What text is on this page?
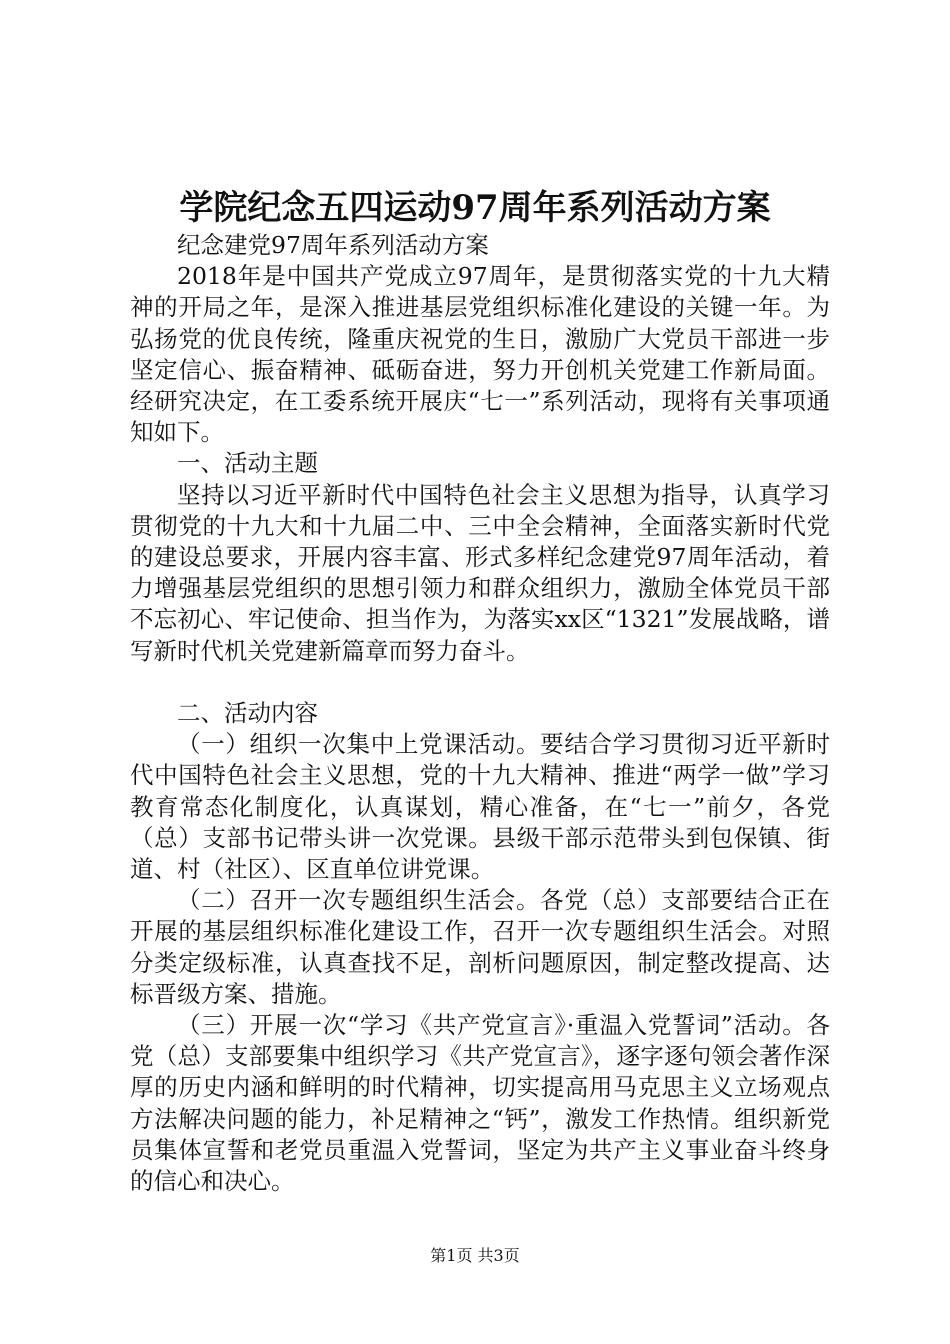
学院纪念五四运动97周年系列活动方案

纪念建党97周年系列活动方案

2018年是中国共产党成立97周年，是贯彻落实党的十九大精神的开局之年，是深入推进基层党组织标准化建设的关键一年。为弘扬党的优良传统，隆重庆祝党的生日，激励广大党员干部进一步坚定信心、振奋精神、砥砺奋进，努力开创机关党建工作新局面。经研究决定，在工委系统开展庆“七一”系列活动，现将有关事项通知如下。

一、活动主题

坚持以习近平新时代中国特色社会主义思想为指导，认真学习贯彻党的十九大和十九届二中、三中全会精神，全面落实新时代党的建设总要求，开展内容丰富、形式多样纪念建党97周年活动，着力增强基层党组织的思想引领力和群众组织力，激励全体党员干部不忘初心、牢记使命、担当作为，为落实xx区“1321”发展战略，谱写新时代机关党建新篇章而努力奋斗。

二、活动内容

（一）组织一次集中上党课活动。要结合学习贯彻习近平新时代中国特色社会主义思想，党的十九大精神、推进“两学一做”学习教育常态化制度化，认真谋划，精心准备，在“七一”前夕，各党（总）支部书记带头讲一次党课。县级干部示范带头到包保镇、街道、村（社区）、区直单位讲党课。

（二）召开一次专题组织生活会。各党（总）支部要结合正在开展的基层组织标准化建设工作，召开一次专题组织生活会。对照分类定级标准，认真查找不足，剖析问题原因，制定整改提高、达标晋级方案、措施。

（三）开展一次“学习《共产党宣言》·重温入党誓词”活动。各党（总）支部要集中组织学习《共产党宣言》，逐字逐句领会著作深厚的历史内涵和鲜明的时代精神，切实提高用马克思主义立场观点方法解决问题的能力，补足精神之“钙”，激发工作热情。组织新党员集体宣誓和老党员重温入党誓词，坚定为共产主义事业奋斗终身的信心和决心。

第1页 共3页
